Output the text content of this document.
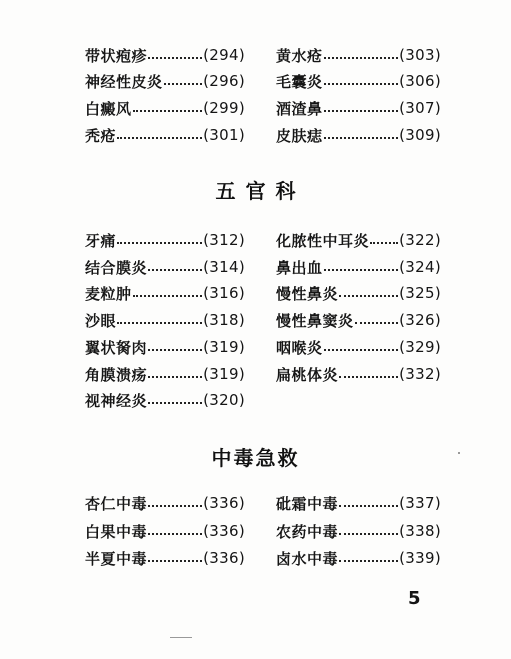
带状疱疹	(294)
神经性皮炎	(296)
白癜风	(299)
秃疮	(301)
黄水疮	(303)
毛囊炎	(306)
酒渣鼻	(307)
皮肤痣	(309)
五官科
牙痛	(312)
结合膜炎	(314)
麦粒肿	(316)
沙眼	(318)
翼状胬肉	(319)
角膜溃疡	(319)
视神经炎	(320)
化脓性中耳炎 (322)
鼻出血	(324)
慢性鼻炎	(325)
慢性鼻窦炎	(326)
咽喉炎	(329)
扁桃体炎	(332)
中毒急救
杏仁中毒	(336)
白果中毒	(336)
半夏中毒	(336)
砒霜中毒	(337)
农药中毒	(338)
卤水中毒	(339)
5
